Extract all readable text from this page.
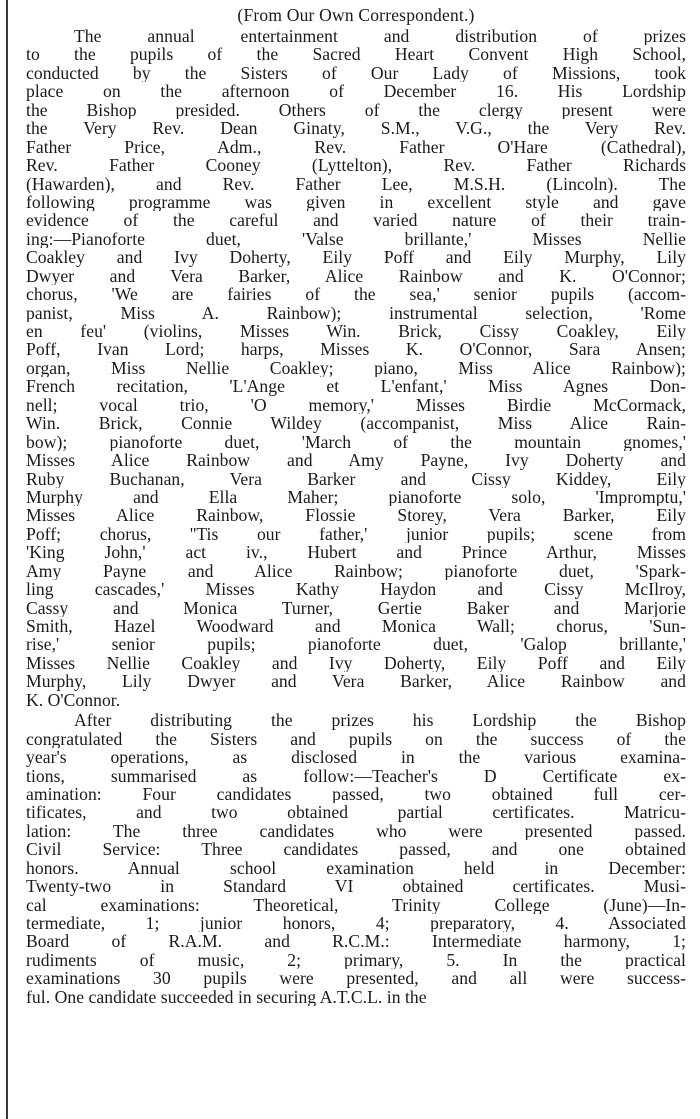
(From Our Own Correspondent.)
The annual entertainment and distribution of prizes
to the pupils of the Sacred Heart Convent High School,
conducted by the Sisters of Our Lady of Missions, took
place on the afternoon of December 16. His Lordship
the Bishop presided. Others of the clergy present were
the Very Rev. Dean Ginaty, S.M., V.G., the Very Rev.
Father Price, Adm., Rev. Father O'Hare (Cathedral),
Rev. Father Cooney (Lyttelton), Rev. Father Richards
(Hawarden), and Rev. Father Lee, M.S.H. (Lincoln). The
following programme was given in excellent style and gave
evidence of the careful and varied nature of their train-
ing:—Pianoforte duet, 'Valse brillante,' Misses Nellie
Coakley and Ivy Doherty, Eily Poff and Eily Murphy, Lily
Dwyer and Vera Barker, Alice Rainbow and K. O'Connor;
chorus, 'We are fairies of the sea,' senior pupils (accom-
panist, Miss A. Rainbow); instrumental selection, 'Rome
en feu' (violins, Misses Win. Brick, Cissy Coakley, Eily
Poff, Ivan Lord; harps, Misses K. O'Connor, Sara Ansen;
organ, Miss Nellie Coakley; piano, Miss Alice Rainbow);
French recitation, 'L'Ange et L'enfant,' Miss Agnes Don-
nell; vocal trio, 'O memory,' Misses Birdie McCormack,
Win. Brick, Connie Wildey (accompanist, Miss Alice Rain-
bow); pianoforte duet, 'March of the mountain gnomes,'
Misses Alice Rainbow and Amy Payne, Ivy Doherty and
Ruby Buchanan, Vera Barker and Cissy Kiddey, Eily
Murphy and Ella Maher; pianoforte solo, 'Impromptu,'
Misses Alice Rainbow, Flossie Storey, Vera Barker, Eily
Poff; chorus, ''Tis our father,' junior pupils; scene from
'King John,' act iv., Hubert and Prince Arthur, Misses
Amy Payne and Alice Rainbow; pianoforte duet, 'Spark-
ling cascades,' Misses Kathy Haydon and Cissy McIlroy,
Cassy and Monica Turner, Gertie Baker and Marjorie
Smith, Hazel Woodward and Monica Wall; chorus, 'Sun-
rise,' senior pupils; pianoforte duet, 'Galop brillante,'
Misses Nellie Coakley and Ivy Doherty, Eily Poff and Eily
Murphy, Lily Dwyer and Vera Barker, Alice Rainbow and
K. O'Connor.
After distributing the prizes his Lordship the Bishop
congratulated the Sisters and pupils on the success of the
year's operations, as disclosed in the various examina-
tions, summarised as follow:—Teacher's D Certificate ex-
amination: Four candidates passed, two obtained full cer-
tificates, and two obtained partial certificates. Matricu-
lation: The three candidates who were presented passed.
Civil Service: Three candidates passed, and one obtained
honors. Annual school examination held in December:
Twenty-two in Standard VI obtained certificates. Musi-
cal examinations: Theoretical, Trinity College (June)—In-
termediate, 1; junior honors, 4; preparatory, 4. Associated
Board of R.A.M. and R.C.M.: Intermediate harmony, 1;
rudiments of music, 2; primary, 5. In the practical
examinations 30 pupils were presented, and all were success-
ful. One candidate succeeded in securing A.T.C.L. in the
